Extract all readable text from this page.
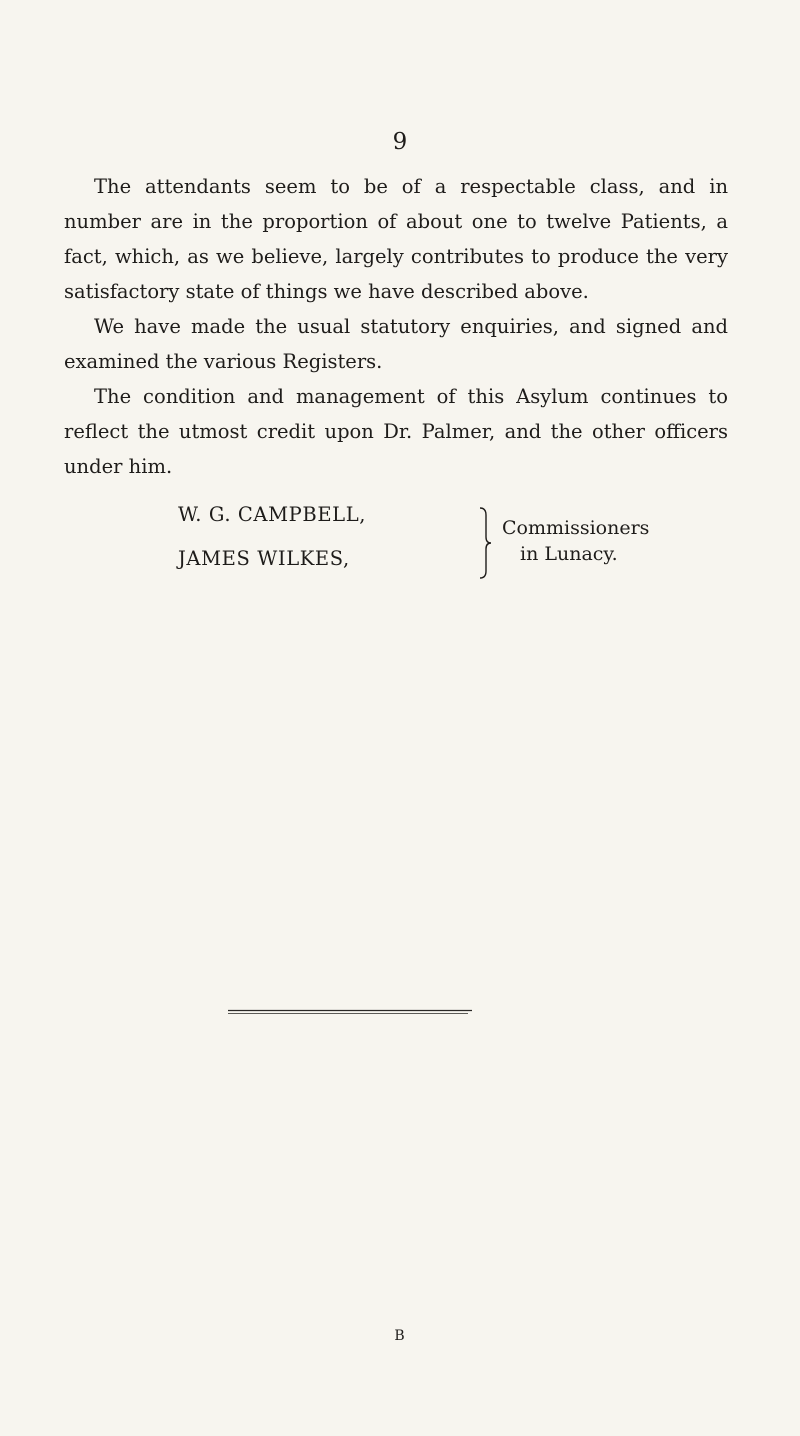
9

The attendants seem to be of a respectable class, and in number are in the proportion of about one to twelve Patients, a fact, which, as we believe, largely contributes to produce the very satisfactory state of things we have described above.

We have made the usual statutory enquiries, and signed and examined the various Registers.

The condition and management of this Asylum continues to reflect the utmost credit upon Dr. Palmer, and the other officers under him.

W. G. CAMPBELL,
JAMES WILKES,
Commissioners
in Lunacy.
B
